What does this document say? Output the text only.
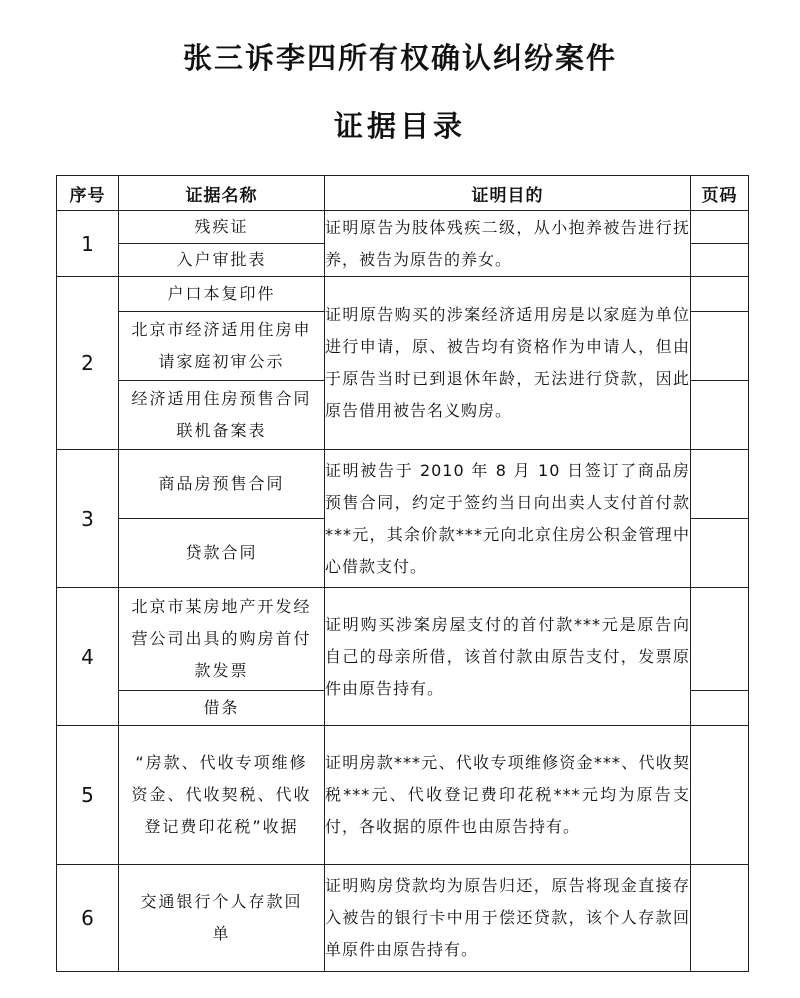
张三诉李四所有权确认纠纷案件
证据目录
序号	证据名称	证明目的	页码
1	残疾证	证明原告为肢体残疾二级，从小抱养被告进行抚养，被告为原告的养女。	
	入户审批表		
2	户口本复印件	证明原告购买的涉案经济适用房是以家庭为单位进行申请，原、被告均有资格作为申请人，但由于原告当时已到退休年龄，无法进行贷款，因此原告借用被告名义购房。	
	北京市经济适用住房申请家庭初审公示		
	经济适用住房预售合同联机备案表		
3	商品房预售合同	证明被告于 2010 年 8 月 10 日签订了商品房预售合同，约定于签约当日向出卖人支付首付款***元，其余价款***元向北京住房公积金管理中心借款支付。	
	贷款合同		
4	北京市某房地产开发经营公司出具的购房首付款发票	证明购买涉案房屋支付的首付款***元是原告向自己的母亲所借，该首付款由原告支付，发票原件由原告持有。	
	借条		
5	“房款、代收专项维修资金、代收契税、代收登记费印花税”收据	证明房款***元、代收专项维修资金***、代收契税***元、代收登记费印花税***元均为原告支付，各收据的原件也由原告持有。	
6	交通银行个人存款回单	证明购房贷款均为原告归还，原告将现金直接存入被告的银行卡中用于偿还贷款，该个人存款回单原件由原告持有。	
